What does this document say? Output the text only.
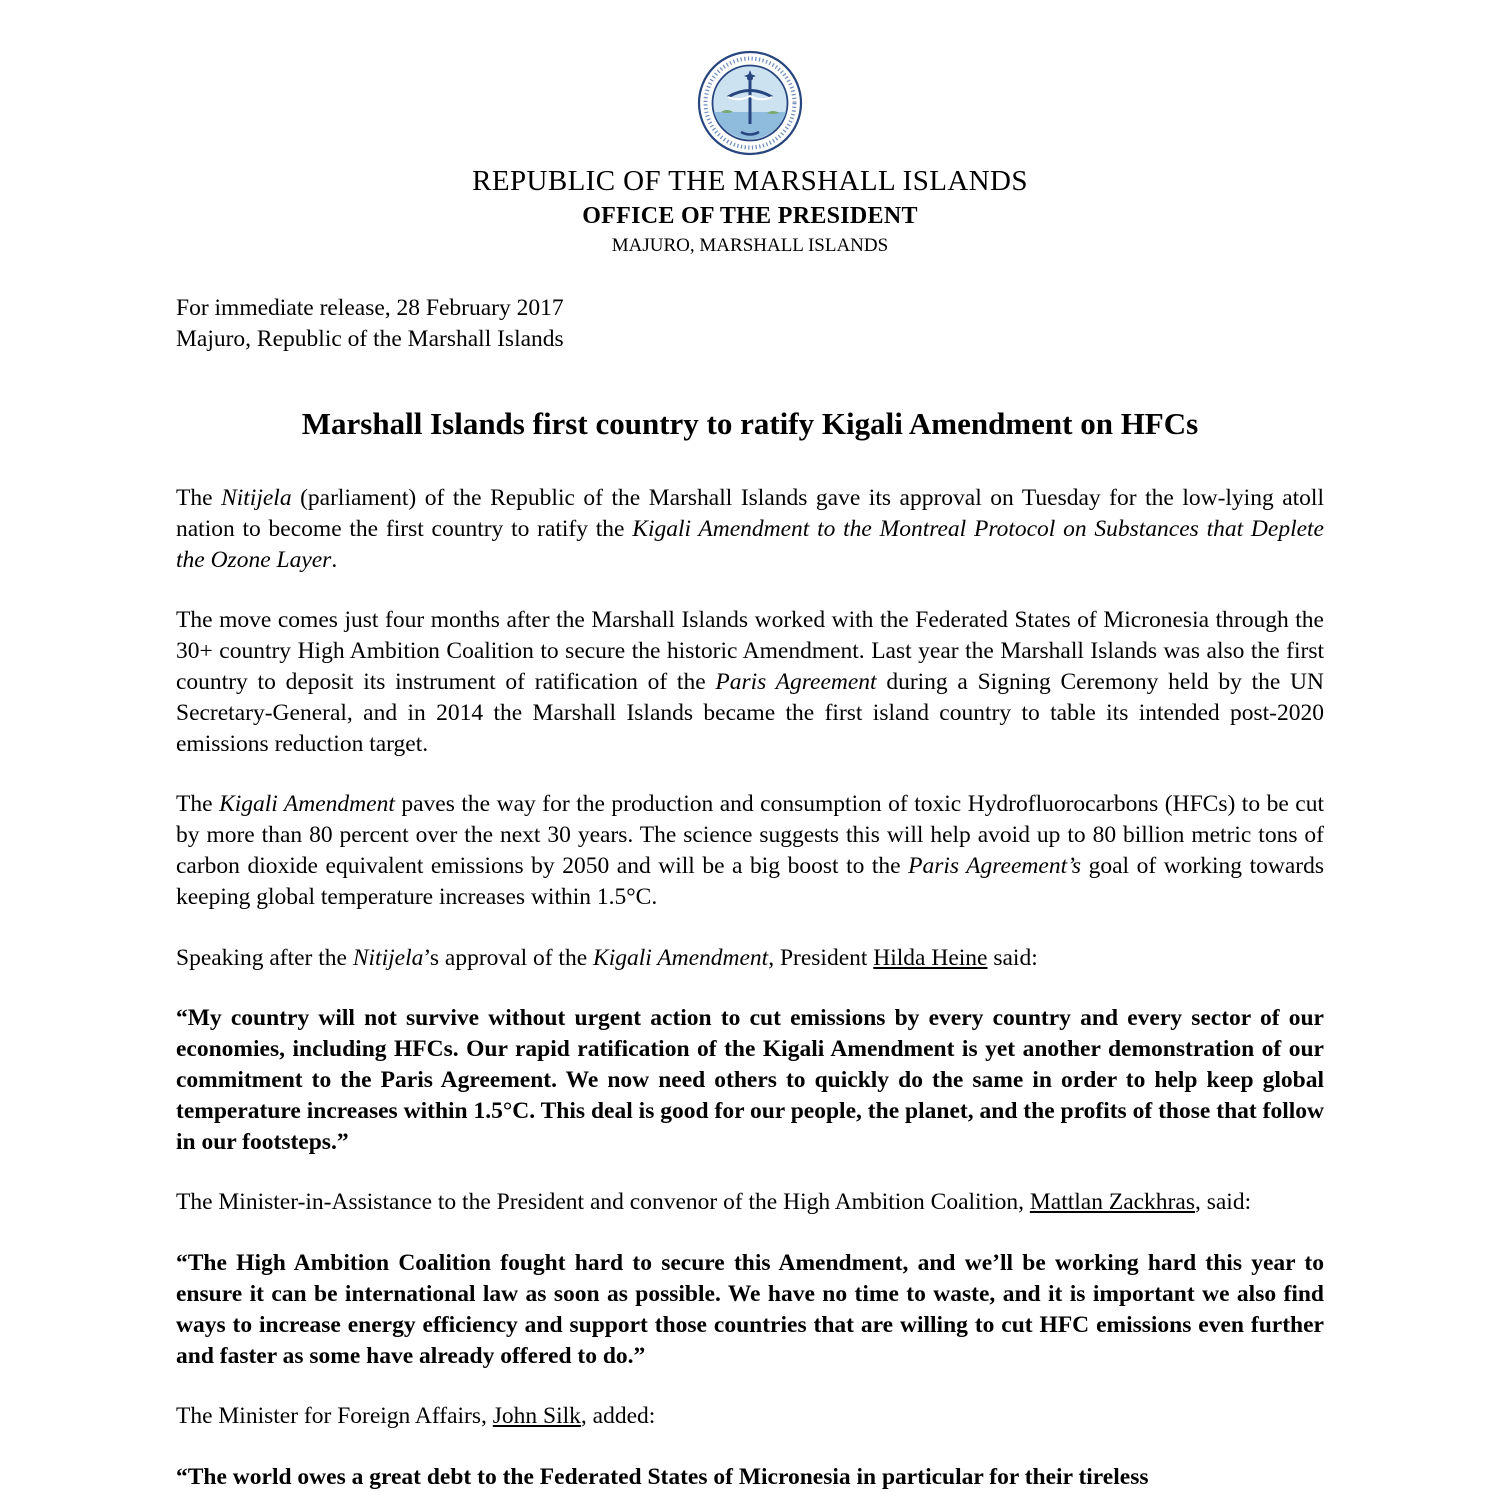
REPUBLIC OF THE MARSHALL ISLANDS
OFFICE OF THE PRESIDENT
MAJURO, MARSHALL ISLANDS
For immediate release, 28 February 2017
Majuro, Republic of the Marshall Islands
Marshall Islands first country to ratify Kigali Amendment on HFCs

The Nitijela (parliament) of the Republic of the Marshall Islands gave its approval on Tuesday for the low-lying atoll nation to become the first country to ratify the Kigali Amendment to the Montreal Protocol on Substances that Deplete the Ozone Layer.

The move comes just four months after the Marshall Islands worked with the Federated States of Micronesia through the 30+ country High Ambition Coalition to secure the historic Amendment. Last year the Marshall Islands was also the first country to deposit its instrument of ratification of the Paris Agreement during a Signing Ceremony held by the UN Secretary-General, and in 2014 the Marshall Islands became the first island country to table its intended post-2020 emissions reduction target.

The Kigali Amendment paves the way for the production and consumption of toxic Hydrofluorocarbons (HFCs) to be cut by more than 80 percent over the next 30 years. The science suggests this will help avoid up to 80 billion metric tons of carbon dioxide equivalent emissions by 2050 and will be a big boost to the Paris Agreement’s goal of working towards keeping global temperature increases within 1.5°C.

Speaking after the Nitijela’s approval of the Kigali Amendment, President Hilda Heine said:

“My country will not survive without urgent action to cut emissions by every country and every sector of our economies, including HFCs. Our rapid ratification of the Kigali Amendment is yet another demonstration of our commitment to the Paris Agreement. We now need others to quickly do the same in order to help keep global temperature increases within 1.5°C. This deal is good for our people, the planet, and the profits of those that follow in our footsteps.”

The Minister-in-Assistance to the President and convenor of the High Ambition Coalition, Mattlan Zackhras, said:

“The High Ambition Coalition fought hard to secure this Amendment, and we’ll be working hard this year to ensure it can be international law as soon as possible. We have no time to waste, and it is important we also find ways to increase energy efficiency and support those countries that are willing to cut HFC emissions even further and faster as some have already offered to do.”

The Minister for Foreign Affairs, John Silk, added:

“The world owes a great debt to the Federated States of Micronesia in particular for their tireless
